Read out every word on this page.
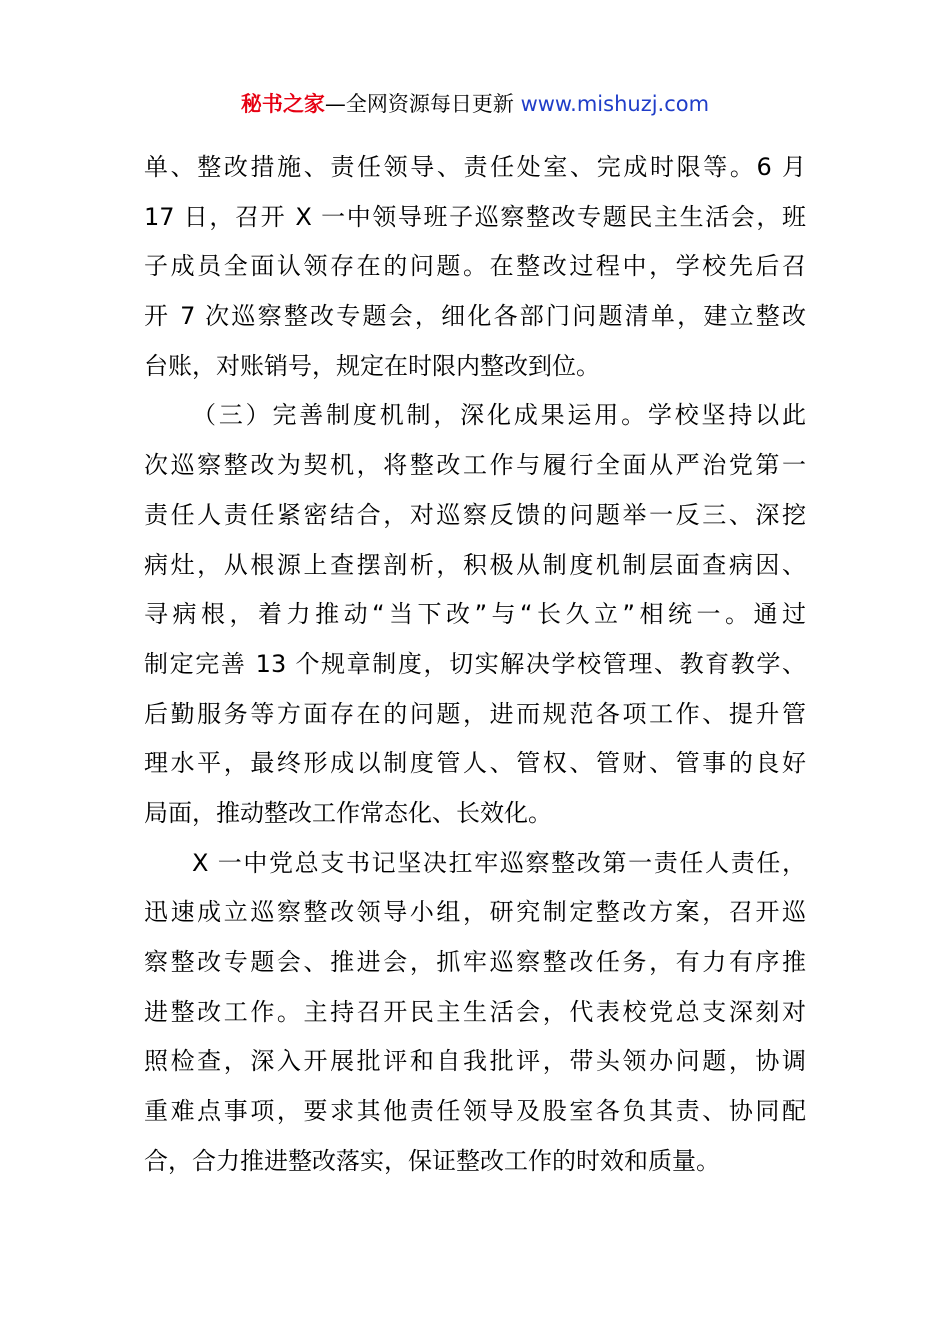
秘书之家—全网资源每日更新 www.mishuzj.com
单、整改措施、责任领导、责任处室、完成时限等。6 月
17 日，召开 X 一中领导班子巡察整改专题民主生活会，班
子成员全面认领存在的问题。在整改过程中，学校先后召
开 7 次巡察整改专题会，细化各部门问题清单，建立整改
台账，对账销号，规定在时限内整改到位。
（三）完善制度机制，深化成果运用。学校坚持以此
次巡察整改为契机，将整改工作与履行全面从严治党第一
责任人责任紧密结合，对巡察反馈的问题举一反三、深挖
病灶，从根源上查摆剖析，积极从制度机制层面查病因、
寻病根，着力推动“当下改”与“长久立”相统一。通过
制定完善 13 个规章制度，切实解决学校管理、教育教学、
后勤服务等方面存在的问题，进而规范各项工作、提升管
理水平，最终形成以制度管人、管权、管财、管事的良好
局面，推动整改工作常态化、长效化。
X 一中党总支书记坚决扛牢巡察整改第一责任人责任，
迅速成立巡察整改领导小组，研究制定整改方案，召开巡
察整改专题会、推进会，抓牢巡察整改任务，有力有序推
进整改工作。主持召开民主生活会，代表校党总支深刻对
照检查，深入开展批评和自我批评，带头领办问题，协调
重难点事项，要求其他责任领导及股室各负其责、协同配
合，合力推进整改落实，保证整改工作的时效和质量。
